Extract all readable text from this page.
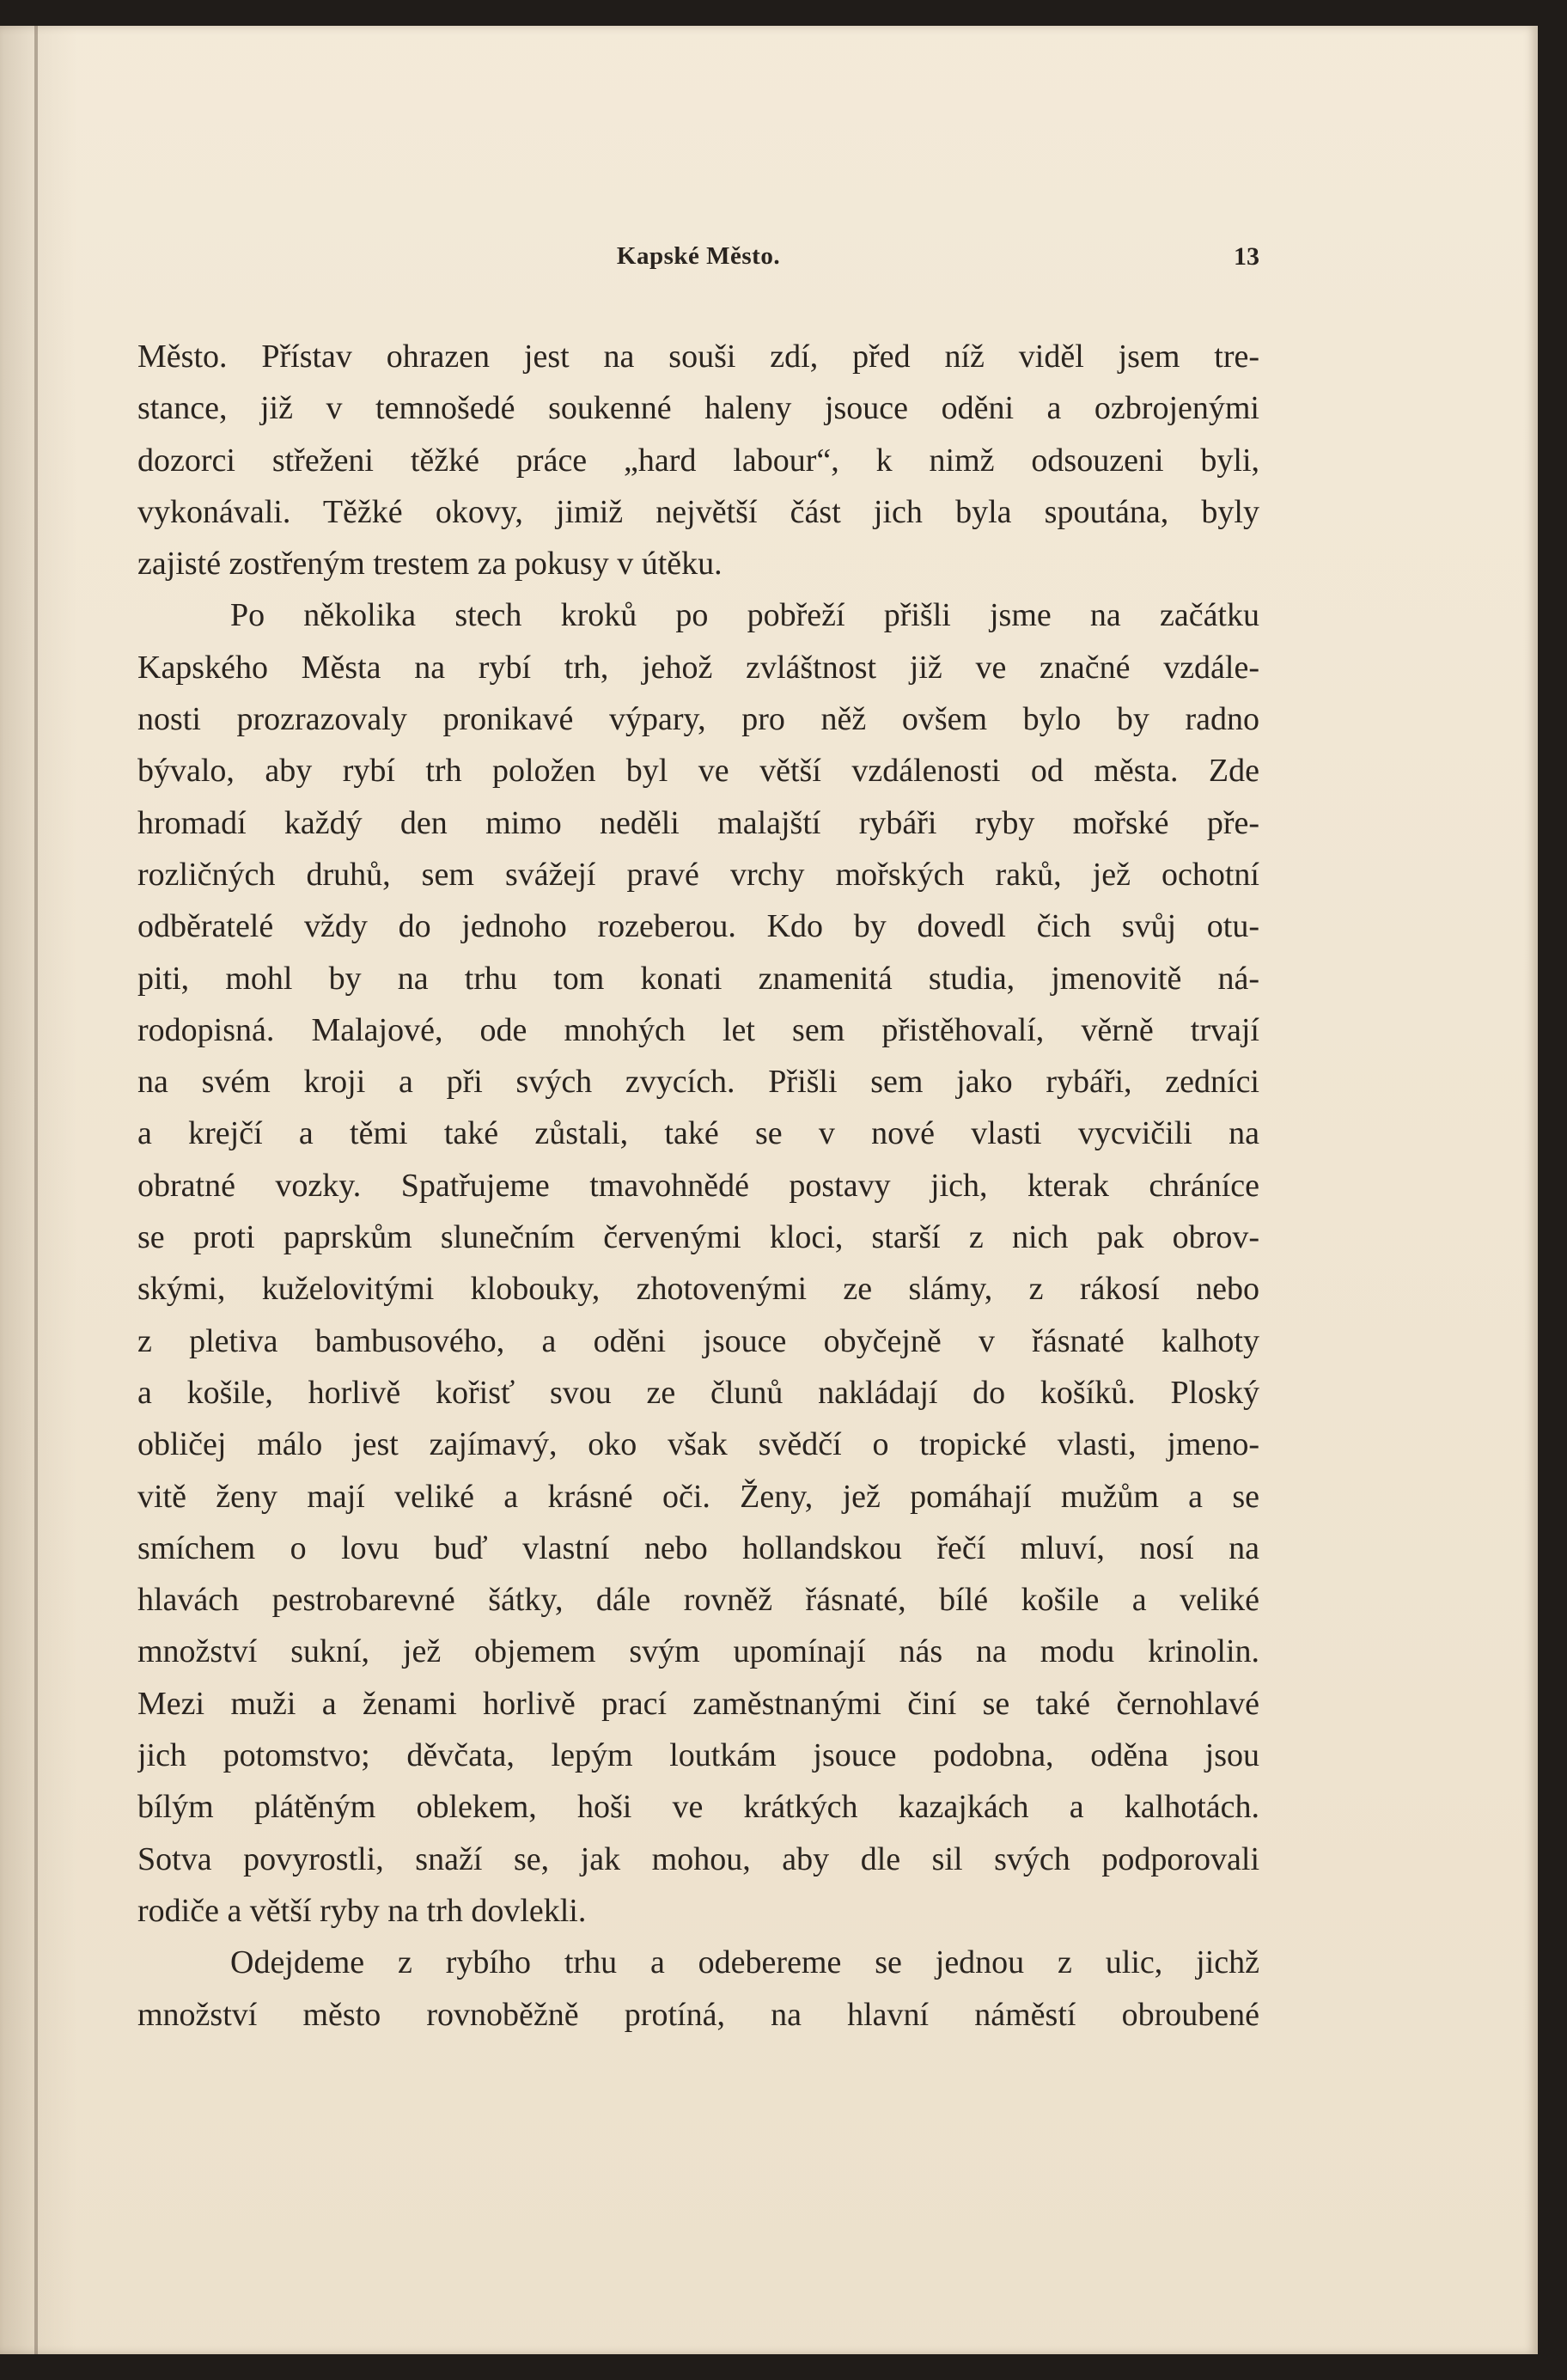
Kapské Město.	13
Město. Přístav ohrazen jest na souši zdí, před níž viděl jsem tre-
stance, již v temnošedé soukenné haleny jsouce oděni a ozbrojenými
dozorci střeženi těžké práce „hard labour“, k nimž odsouzeni byli,
vykonávali. Těžké okovy, jimiž největší část jich byla spoutána, byly
zajisté zostřeným trestem za pokusy v útěku.
Po několika stech kroků po pobřeží přišli jsme na začátku
Kapského Města na rybí trh, jehož zvláštnost již ve značné vzdále-
nosti prozrazovaly pronikavé výpary, pro něž ovšem bylo by radno
bývalo, aby rybí trh položen byl ve větší vzdálenosti od města. Zde
hromadí každý den mimo neděli malajští rybáři ryby mořské pře-
rozličných druhů, sem svážejí pravé vrchy mořských raků, jež ochotní
odběratelé vždy do jednoho rozeberou. Kdo by dovedl čich svůj otu-
piti, mohl by na trhu tom konati znamenitá studia, jmenovitě ná-
rodopisná. Malajové, ode mnohých let sem přistěhovalí, věrně trvají
na svém kroji a při svých zvycích. Přišli sem jako rybáři, zedníci
a krejčí a těmi také zůstali, také se v nové vlasti vycvičili na
obratné vozky. Spatřujeme tmavohnědé postavy jich, kterak chráníce
se proti paprskům slunečním červenými kloci, starší z nich pak obrov-
skými, kuželovitými klobouky, zhotovenými ze slámy, z rákosí nebo
z pletiva bambusového, a oděni jsouce obyčejně v řásnaté kalhoty
a košile, horlivě kořisť svou ze člunů nakládají do košíků. Ploský
obličej málo jest zajímavý, oko však svědčí o tropické vlasti, jmeno-
vitě ženy mají veliké a krásné oči. Ženy, jež pomáhají mužům a se
smíchem o lovu buď vlastní nebo hollandskou řečí mluví, nosí na
hlavách pestrobarevné šátky, dále rovněž řásnaté, bílé košile a veliké
množství sukní, jež objemem svým upomínají nás na modu krinolin.
Mezi muži a ženami horlivě prací zaměstnanými činí se také černohlavé
jich potomstvo; děvčata, lepým loutkám jsouce podobna, oděna jsou
bílým plátěným oblekem, hoši ve krátkých kazajkách a kalhotách.
Sotva povyrostli, snaží se, jak mohou, aby dle sil svých podporovali
rodiče a větší ryby na trh dovlekli.
Odejdeme z rybího trhu a odebereme se jednou z ulic, jichž
množství město rovnoběžně protíná, na hlavní náměstí obroubené
